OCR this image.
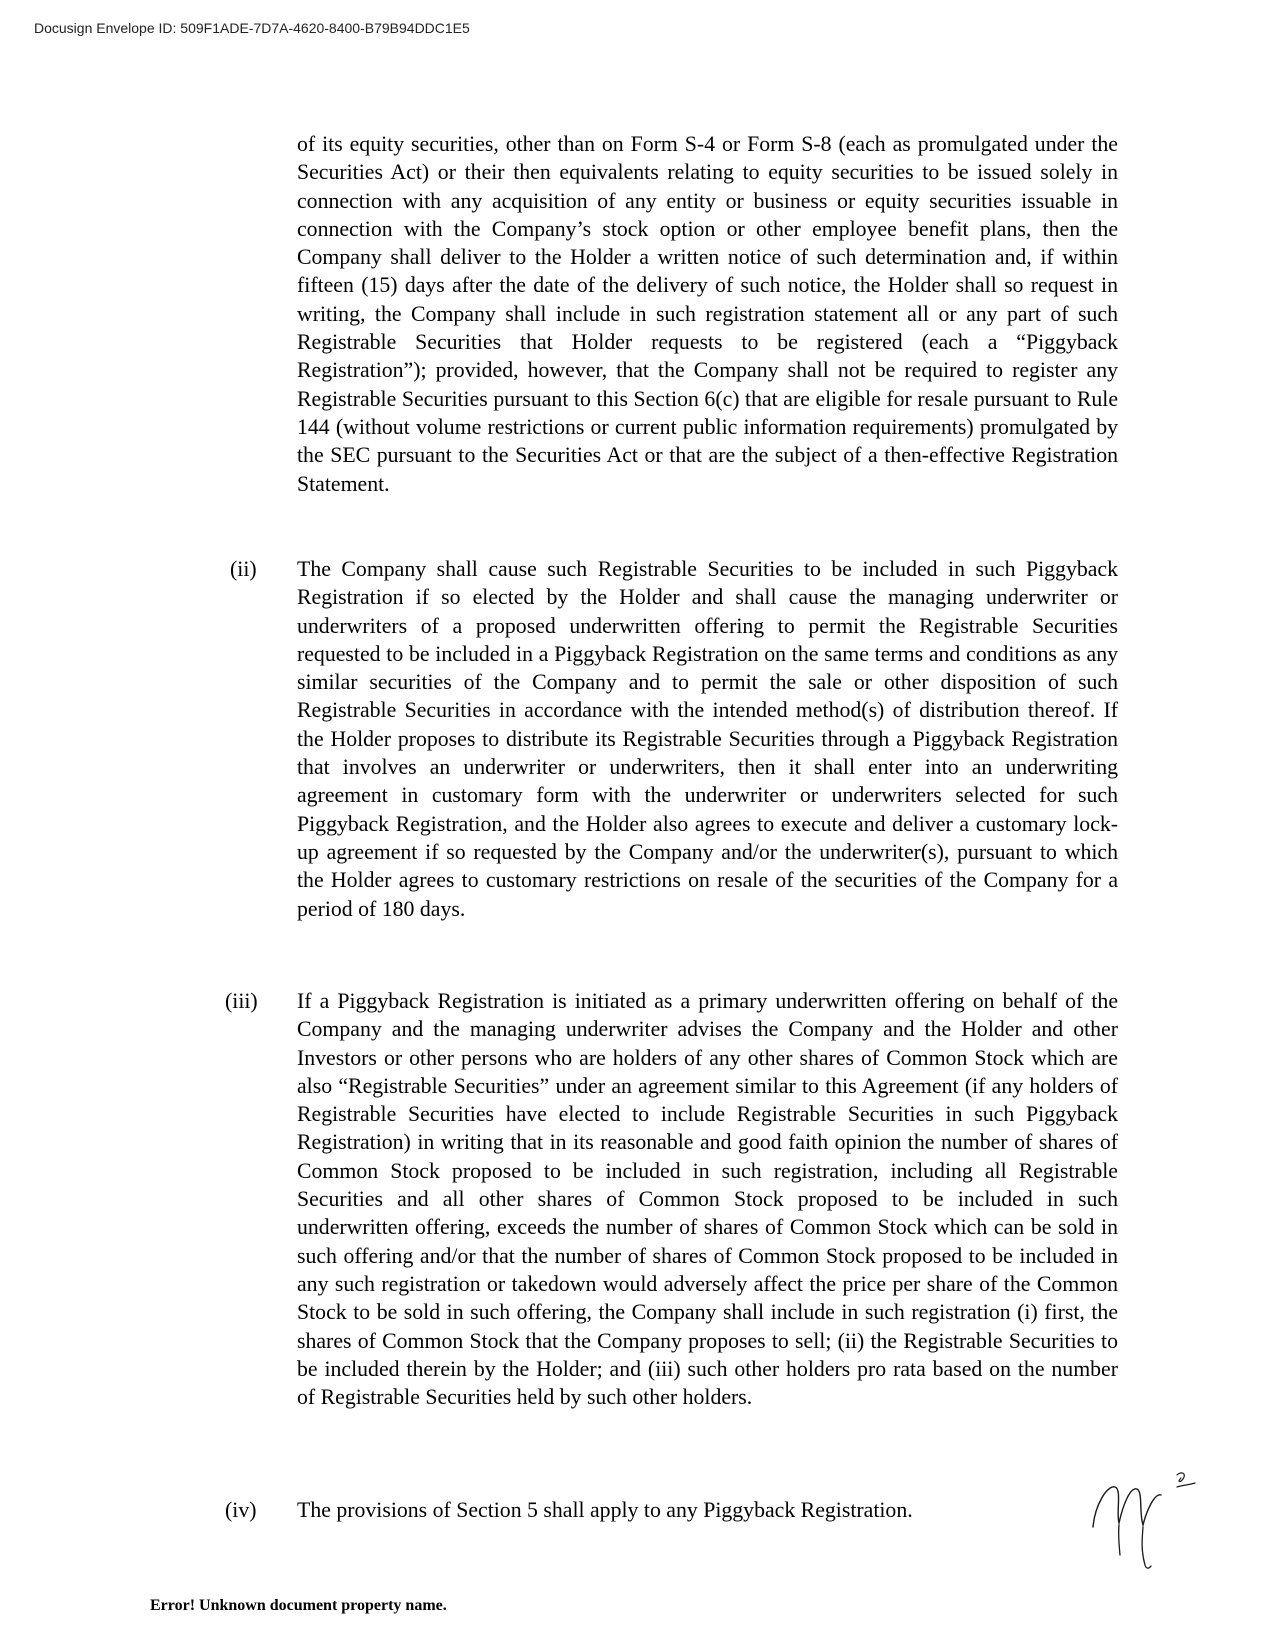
Docusign Envelope ID: 509F1ADE-7D7A-4620-8400-B79B94DDC1E5

of its equity securities, other than on Form S-4 or Form S-8 (each as promulgated under the Securities Act) or their then equivalents relating to equity securities to be issued solely in connection with any acquisition of any entity or business or equity securities issuable in connection with the Company’s stock option or other employee benefit plans, then the Company shall deliver to the Holder a written notice of such determination and, if within fifteen (15) days after the date of the delivery of such notice, the Holder shall so request in writing, the Company shall include in such registration statement all or any part of such Registrable Securities that Holder requests to be registered (each a “Piggyback Registration”); provided, however, that the Company shall not be required to register any Registrable Securities pursuant to this Section 6(c) that are eligible for resale pursuant to Rule 144 (without volume restrictions or current public information requirements) promulgated by the SEC pursuant to the Securities Act or that are the subject of a then-effective Registration Statement.

(ii) The Company shall cause such Registrable Securities to be included in such Piggyback Registration if so elected by the Holder and shall cause the managing underwriter or underwriters of a proposed underwritten offering to permit the Registrable Securities requested to be included in a Piggyback Registration on the same terms and conditions as any similar securities of the Company and to permit the sale or other disposition of such Registrable Securities in accordance with the intended method(s) of distribution thereof. If the Holder proposes to distribute its Registrable Securities through a Piggyback Registration that involves an underwriter or underwriters, then it shall enter into an underwriting agreement in customary form with the underwriter or underwriters selected for such Piggyback Registration, and the Holder also agrees to execute and deliver a customary lock-up agreement if so requested by the Company and/or the underwriter(s), pursuant to which the Holder agrees to customary restrictions on resale of the securities of the Company for a period of 180 days.

(iii) If a Piggyback Registration is initiated as a primary underwritten offering on behalf of the Company and the managing underwriter advises the Company and the Holder and other Investors or other persons who are holders of any other shares of Common Stock which are also “Registrable Securities” under an agreement similar to this Agreement (if any holders of Registrable Securities have elected to include Registrable Securities in such Piggyback Registration) in writing that in its reasonable and good faith opinion the number of shares of Common Stock proposed to be included in such registration, including all Registrable Securities and all other shares of Common Stock proposed to be included in such underwritten offering, exceeds the number of shares of Common Stock which can be sold in such offering and/or that the number of shares of Common Stock proposed to be included in any such registration or takedown would adversely affect the price per share of the Common Stock to be sold in such offering, the Company shall include in such registration (i) first, the shares of Common Stock that the Company proposes to sell; (ii) the Registrable Securities to be included therein by the Holder; and (iii) such other holders pro rata based on the number of Registrable Securities held by such other holders.

(iv) The provisions of Section 5 shall apply to any Piggyback Registration.

Error! Unknown document property name.
